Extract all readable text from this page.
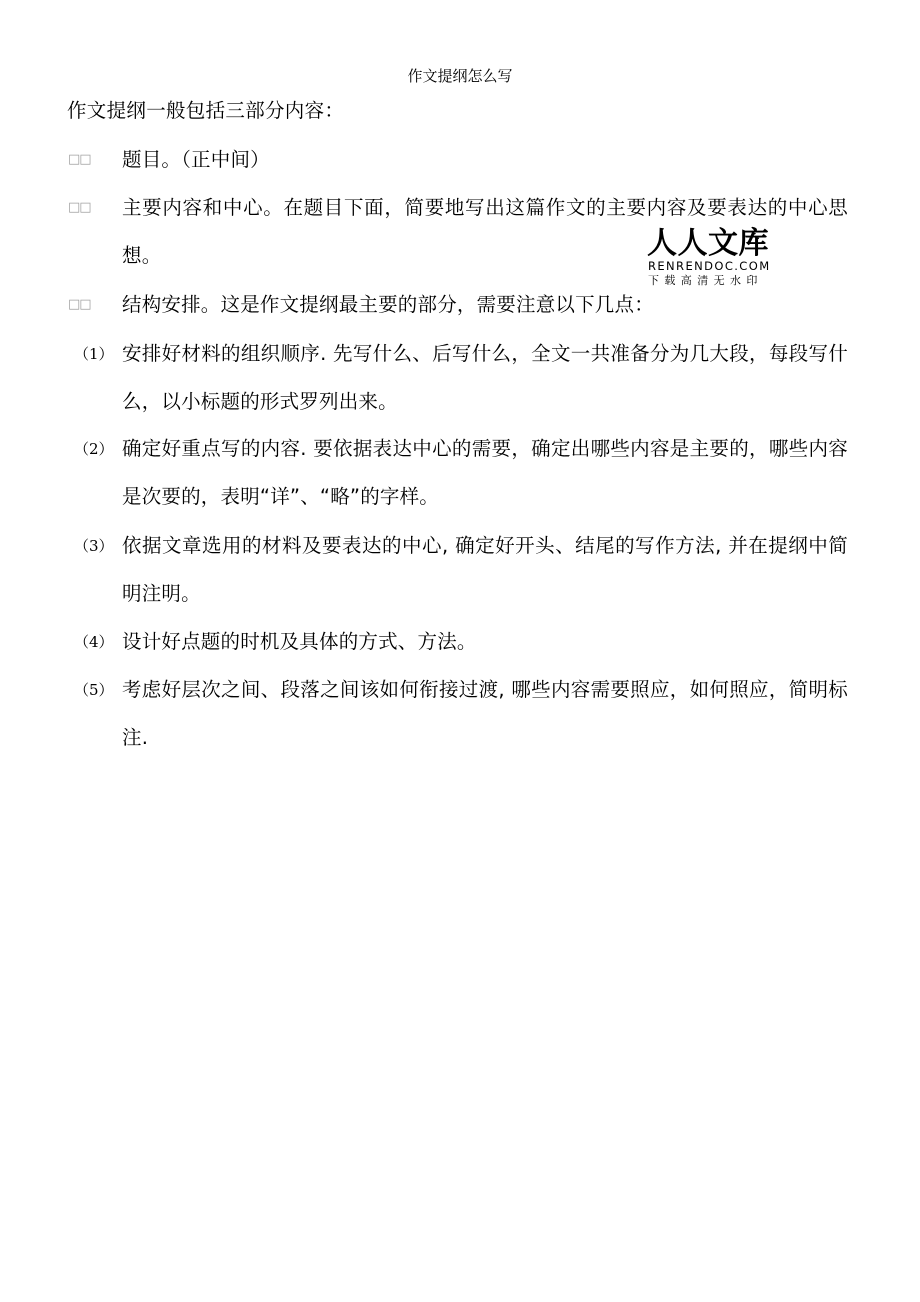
作文提纲怎么写
作文提纲一般包括三部分内容：
□□ 题目。（正中间）
□□ 主要内容和中心。在题目下面，简要地写出这篇作文的主要内容及要表达的中心思想。
□□ 结构安排。这是作文提纲最主要的部分，需要注意以下几点：
（1） 安排好材料的组织顺序. 先写什么、后写什么，全文一共准备分为几大段，每段写什么，以小标题的形式罗列出来。
（2） 确定好重点写的内容. 要依据表达中心的需要，确定出哪些内容是主要的，哪些内容是次要的，表明“详”、“略”的字样。
（3） 依据文章选用的材料及要表达的中心, 确定好开头、结尾的写作方法, 并在提纲中简明注明。
（4） 设计好点题的时机及具体的方式、方法。
（5） 考虑好层次之间、段落之间该如何衔接过渡, 哪些内容需要照应，如何照应，简明标注.
人人文库
RENRENDOC.COM
下载高清无水印
